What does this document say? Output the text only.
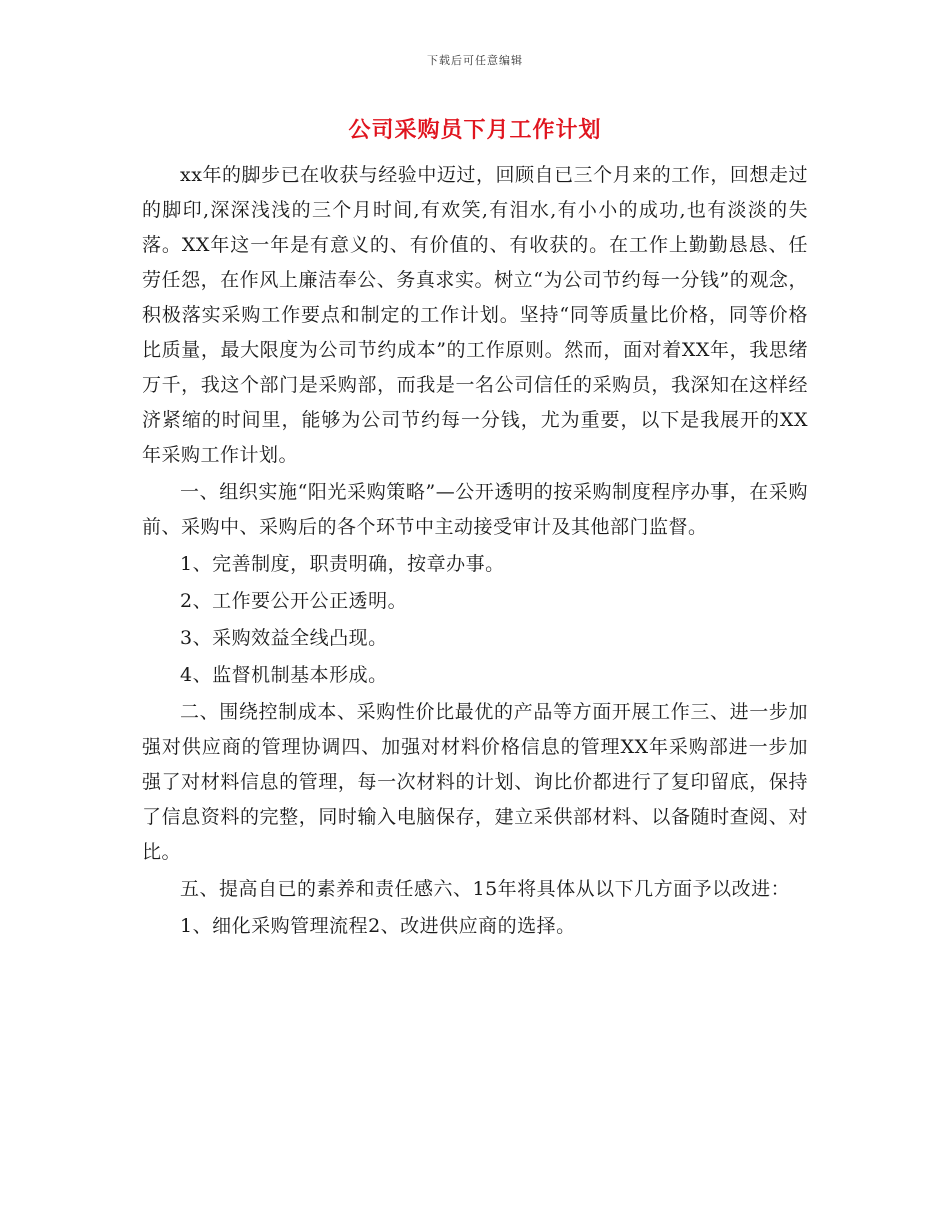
下载后可任意编辑
公司采购员下月工作计划

xx年的脚步已在收获与经验中迈过，回顾自已三个月来的工作，回想走过的脚印,深深浅浅的三个月时间,有欢笑,有泪水,有小小的成功,也有淡淡的失落。XX年这一年是有意义的、有价值的、有收获的。在工作上勤勤恳恳、任劳任怨，在作风上廉洁奉公、务真求实。树立“为公司节约每一分钱”的观念，积极落实采购工作要点和制定的工作计划。坚持“同等质量比价格，同等价格比质量，最大限度为公司节约成本”的工作原则。然而，面对着XX年，我思绪万千，我这个部门是采购部，而我是一名公司信任的采购员，我深知在这样经济紧缩的时间里，能够为公司节约每一分钱，尤为重要，以下是我展开的XX年采购工作计划。

一、组织实施“阳光采购策略”—公开透明的按采购制度程序办事，在采购前、采购中、采购后的各个环节中主动接受审计及其他部门监督。

1、完善制度，职责明确，按章办事。

2、工作要公开公正透明。

3、采购效益全线凸现。

4、监督机制基本形成。

二、围绕控制成本、采购性价比最优的产品等方面开展工作三、进一步加强对供应商的管理协调四、加强对材料价格信息的管理XX年采购部进一步加强了对材料信息的管理，每一次材料的计划、询比价都进行了复印留底，保持了信息资料的完整，同时输入电脑保存，建立采供部材料、以备随时查阅、对比。

五、提高自已的素养和责任感六、15年将具体从以下几方面予以改进：

1、细化采购管理流程2、改进供应商的选择。
